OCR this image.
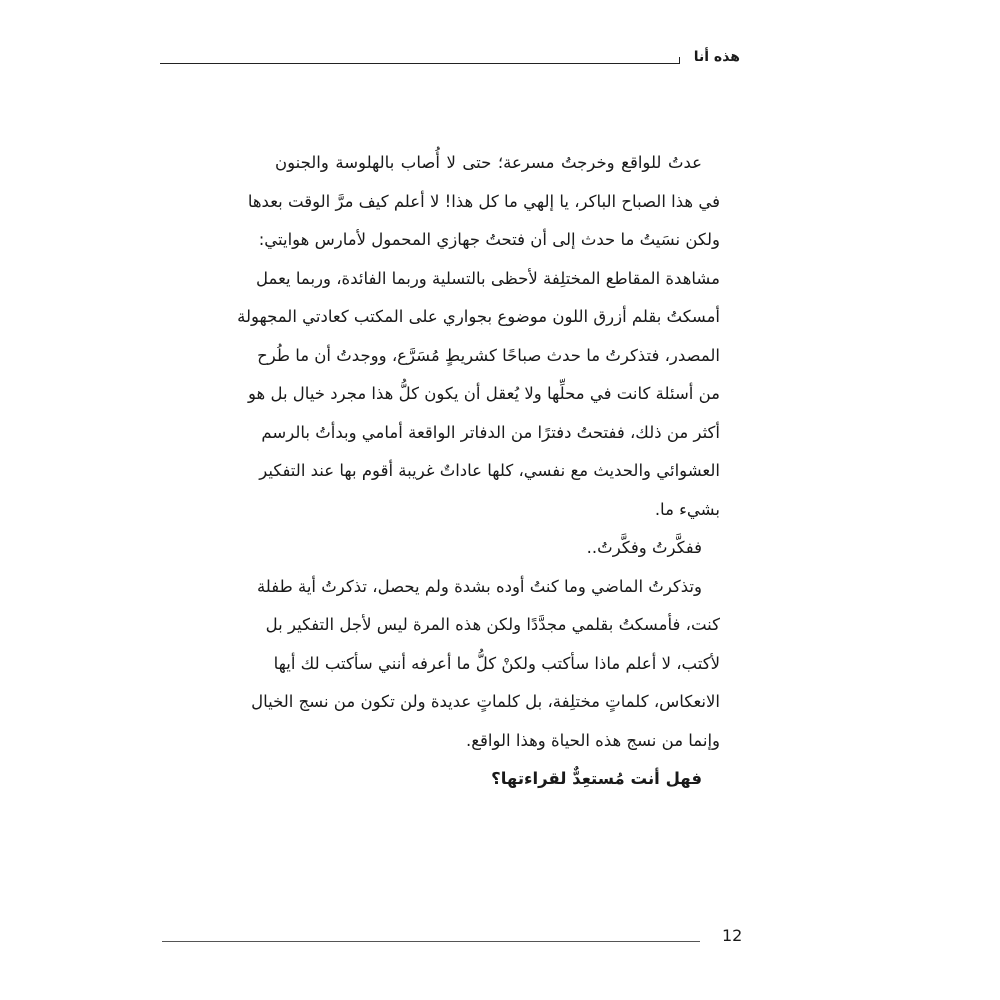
هذه أنا
عدتُ للواقع وخرجتُ مسرعة؛ حتى لا أُصاب بالهلوسة والجنون
في هذا الصباح الباكر، يا إلهي ما كل هذا! لا أعلم كيف مرَّ الوقت بعدها
ولكن نسَيتُ ما حدث إلى أن فتحتُ جهازي المحمول لأمارس هوايتي:
مشاهدة المقاطع المختلِفة لأحظى بالتسلية وربما الفائدة، وربما يعمل
أمسكتُ بقلم أزرق اللون موضوع بجواري على المكتب كعادتي المجهولة
المصدر، فتذكرتُ ما حدث صباحًا كشريطٍ مُسَرَّع، ووجدتُ أن ما طُرح
من أسئلة كانت في محلِّها ولا يُعقل أن يكون كلُّ هذا مجرد خيال بل هو
أكثر من ذلك، ففتحتُ دفترًا من الدفاتر الواقعة أمامي وبدأتُ بالرسم
العشوائي والحديث مع نفسي، كلها عاداتٌ غريبة أقوم بها عند التفكير
بشيء ما.
ففكَّرتُ وفكَّرتُ..
وتذكرتُ الماضي وما كنتُ أوده بشدة ولم يحصل، تذكرتُ أية طفلة
كنت، فأمسكتُ بقلمي مجدَّدًا ولكن هذه المرة ليس لأجل التفكير بل
لأكتب، لا أعلم ماذا سأكتب ولكنْ كلُّ ما أعرفه أنني سأكتب لك أيها
الانعكاس، كلماتٍ مختلِفة، بل كلماتٍ عديدة ولن تكون من نسج الخيال
وإنما من نسج هذه الحياة وهذا الواقع.
فهل أنت مُستعِدٌّ لقراءتها؟
12
